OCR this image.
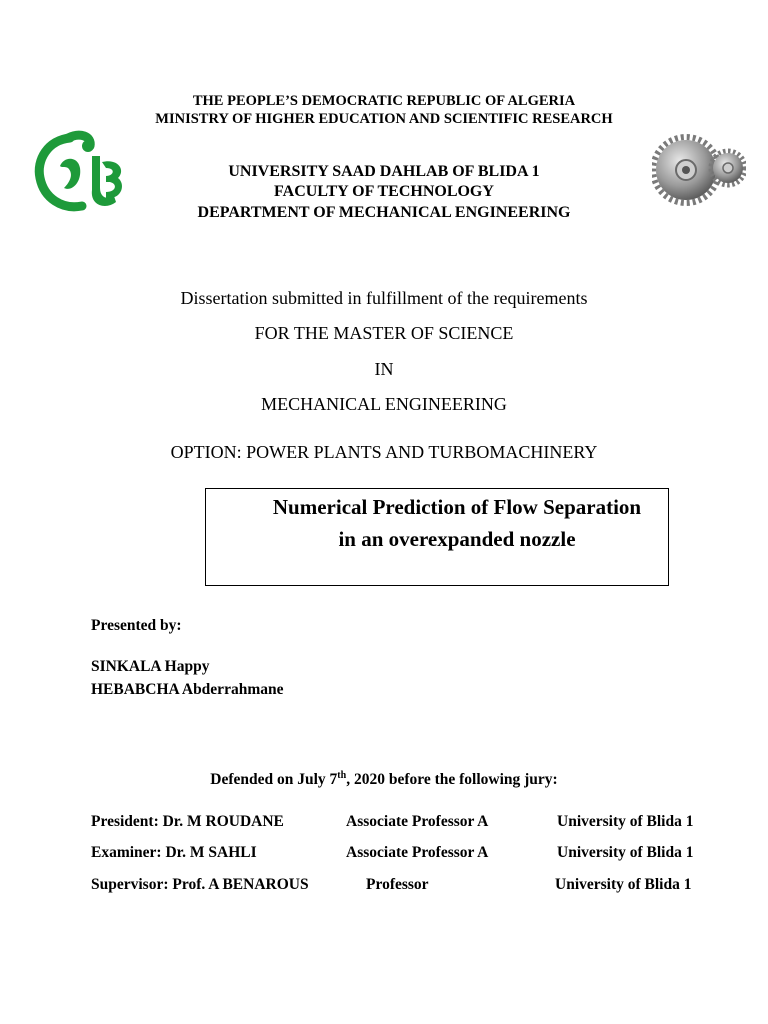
THE PEOPLE’S DEMOCRATIC REPUBLIC OF ALGERIA
MINISTRY OF HIGHER EDUCATION AND SCIENTIFIC RESEARCH
UNIVERSITY SAAD DAHLAB OF BLIDA 1
FACULTY OF TECHNOLOGY
DEPARTMENT OF MECHANICAL ENGINEERING
Dissertation submitted in fulfillment of the requirements
FOR THE MASTER OF SCIENCE
IN
MECHANICAL ENGINEERING
OPTION: POWER PLANTS AND TURBOMACHINERY
Numerical Prediction of Flow Separation
in an overexpanded nozzle
Presented by:
SINKALA Happy
HEBABCHA Abderrahmane
Defended on July 7th, 2020 before the following jury:
President: Dr. M ROUDANE	Associate Professor A	University of Blida 1
Examiner: Dr. M SAHLI	Associate Professor A	University of Blida 1
Supervisor: Prof. A BENAROUS	Professor	University of Blida 1
